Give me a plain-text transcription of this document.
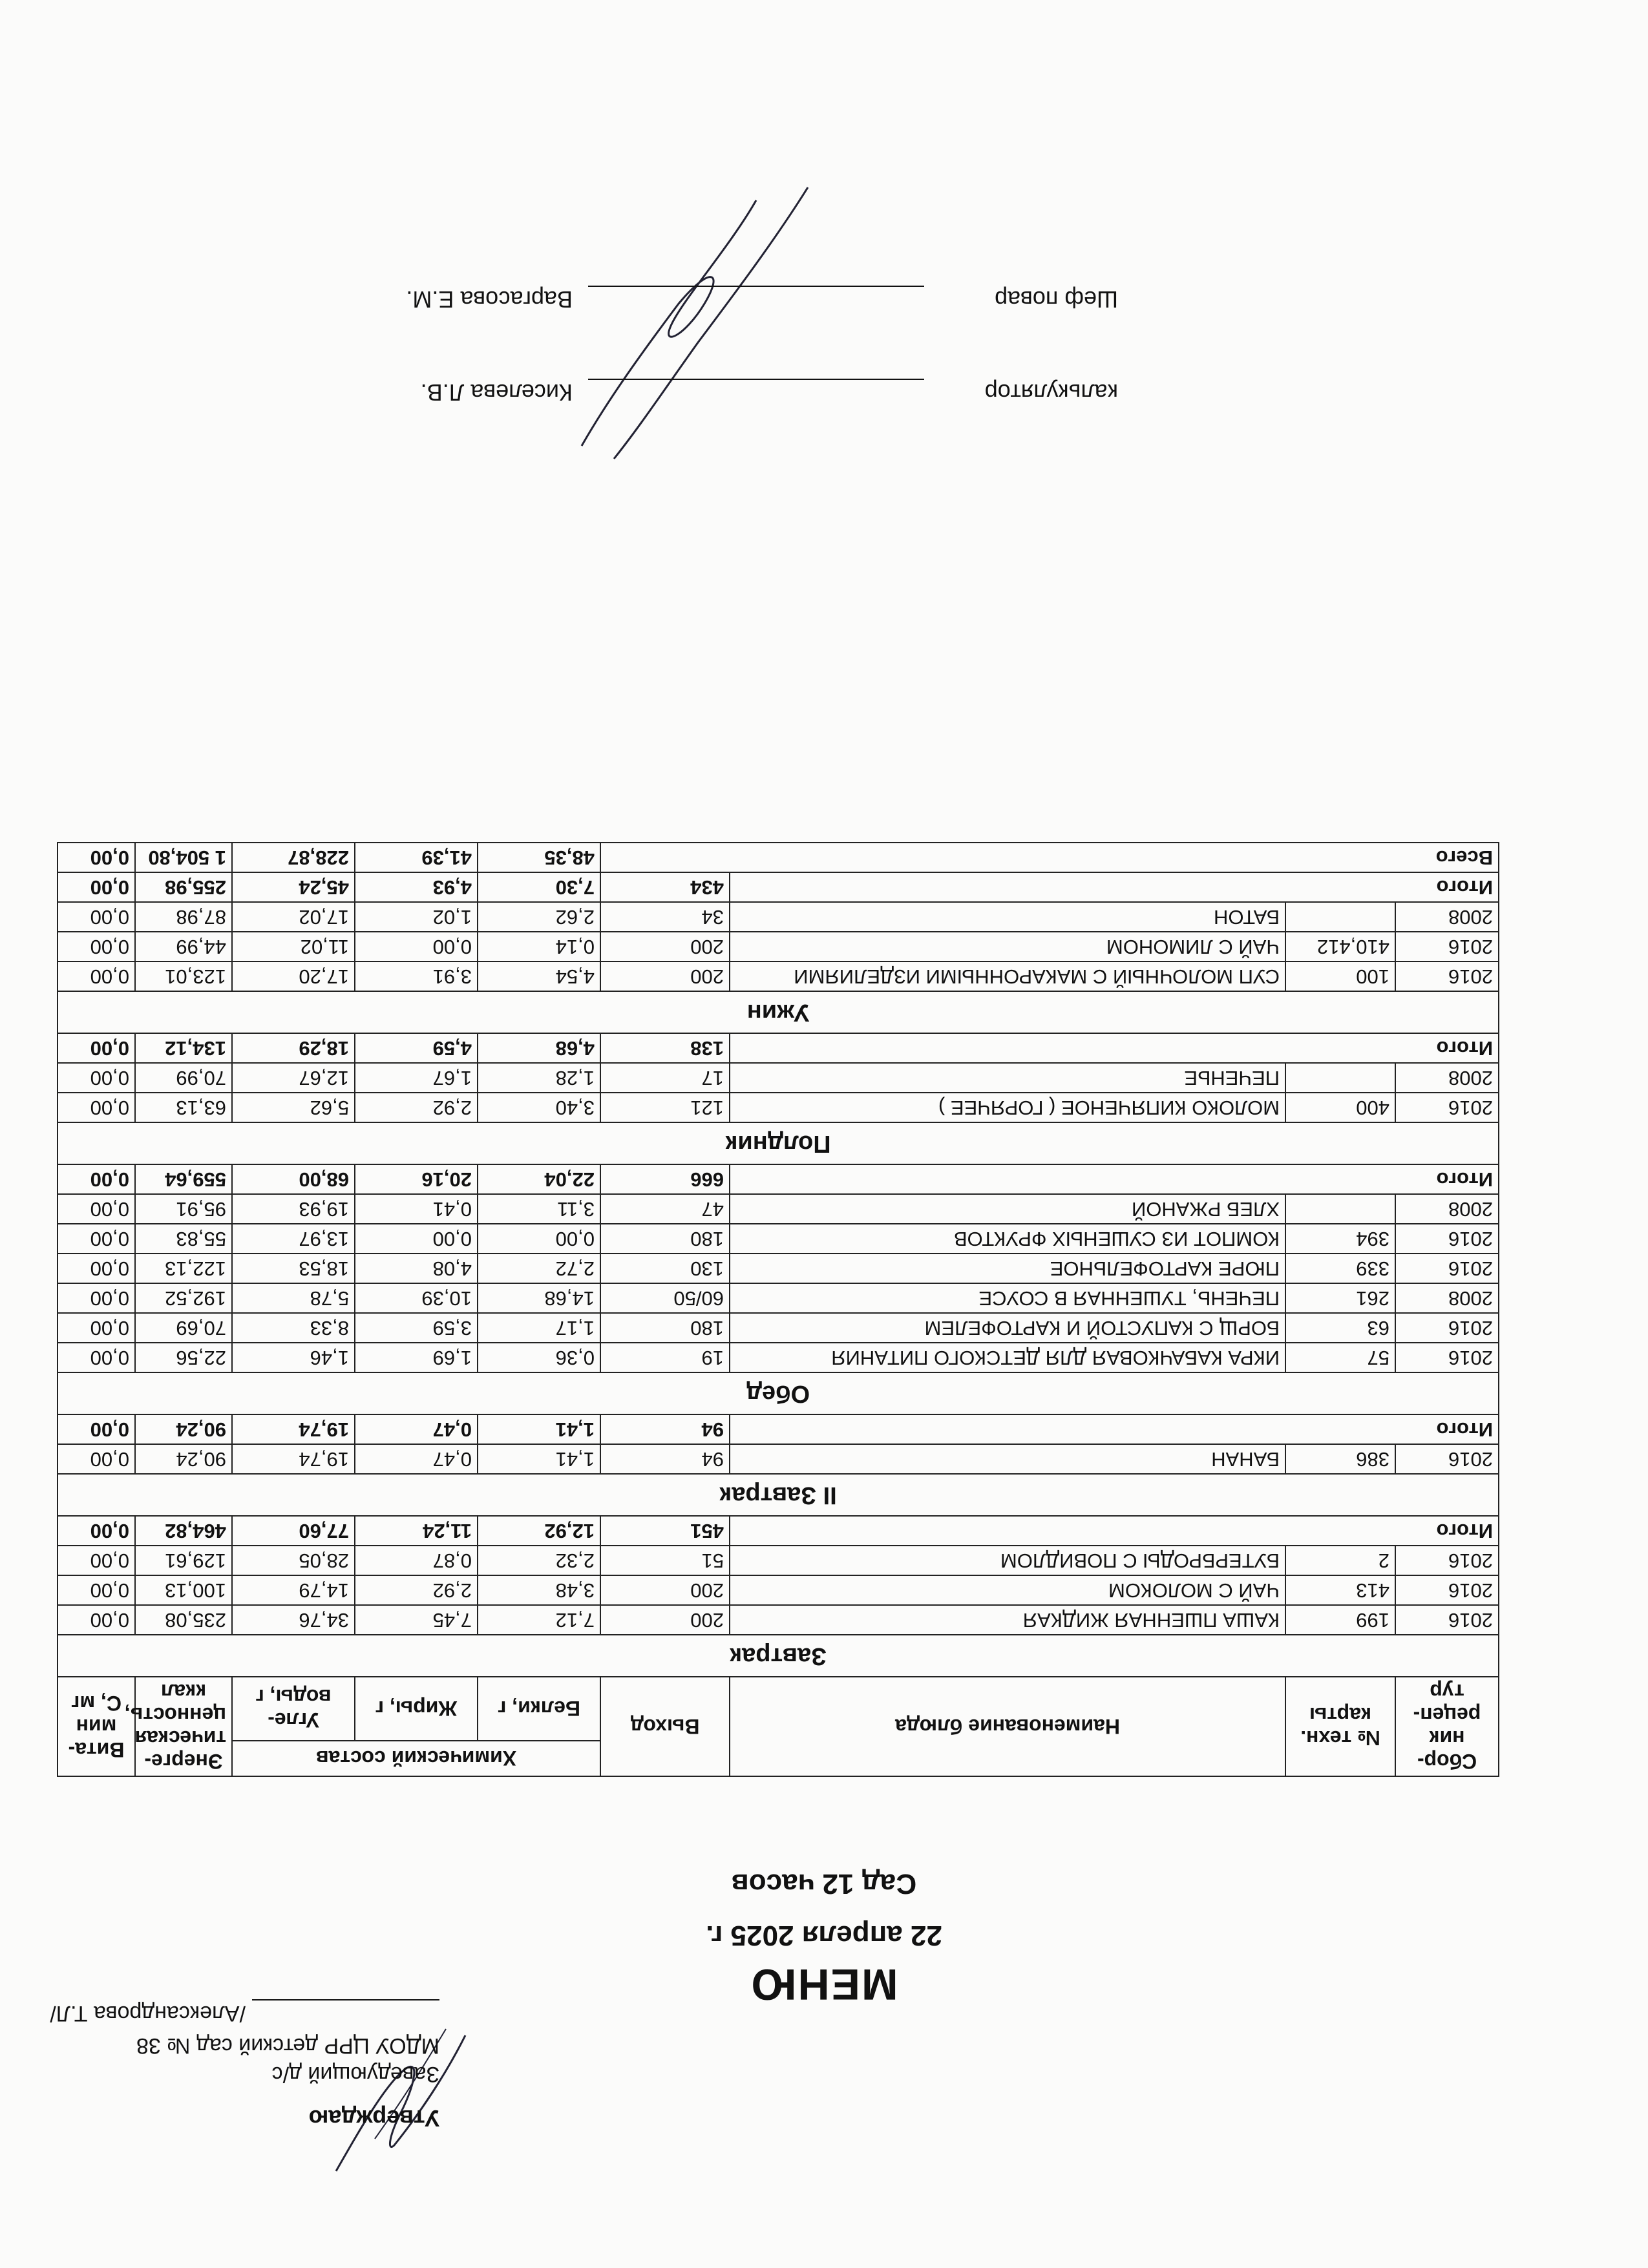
Утверждаю
Заведующий д/с
МДОУ ЦРР детский сад № 38
/Александрова Т.Л/
МЕНЮ
22 апреля 2025 г.
Сад 12 часов
Сбор-ник рецеп-тур	№ техн. карты	Наименование блюда	Выход	Химический состав			Энерге-тическая ценность, ккал	Вита-мин С, мг
				Белки, г	Жиры, г	Угле-воды, г		
Завтрак								
2016	199	КАША ПШЕННАЯ ЖИДКАЯ	200	7,12	7,45	34,76	235,08	0,00
2016	413	ЧАЙ С МОЛОКОМ	200	3,48	2,92	14,79	100,13	0,00
2016	2	БУТЕРБРОДЫ С ПОВИДЛОМ	51	2,32	0,87	28,05	129,61	0,00
Итого			451	12,92	11,24	77,60	464,82	0,00
II Завтрак								
2016	386	БАНАН	94	1,41	0,47	19,74	90,24	0,00
Итого			94	1,41	0,47	19,74	90,24	0,00
Обед								
2016	57	ИКРА КАБАЧКОВАЯ ДЛЯ ДЕТСКОГО ПИТАНИЯ	19	0,36	1,69	1,46	22,56	0,00
2016	63	БОРЩ С КАПУСТОЙ И КАРТОФЕЛЕМ	180	1,17	3,59	8,33	70,69	0,00
2008	261	ПЕЧЕНЬ, ТУШЕННАЯ В СОУСЕ	60/50	14,68	10,39	5,78	192,52	0,00
2016	339	ПЮРЕ КАРТОФЕЛЬНОЕ	130	2,72	4,08	18,53	122,13	0,00
2016	394	КОМПОТ ИЗ СУШЕНЫХ ФРУКТОВ	180	0,00	0,00	13,97	55,83	0,00
2008		ХЛЕБ РЖАНОЙ	47	3,11	0,41	19,93	95,91	0,00
Итого			666	22,04	20,16	68,00	559,64	0,00
Полдник								
2016	400	МОЛОКО КИПЯЧЕНОЕ ( ГОРЯЧЕЕ )	121	3,40	2,92	5,62	63,13	0,00
2008		ПЕЧЕНЬЕ	17	1,28	1,67	12,67	70,99	0,00
Итого			138	4,68	4,59	18,29	134,12	0,00
Ужин								
2016	100	СУП МОЛОЧНЫЙ С МАКАРОННЫМИ ИЗДЕЛИЯМИ	200	4,54	3,91	17,20	123,01	0,00
2016	410,412	ЧАЙ С ЛИМОНОМ	200	0,14	0,00	11,02	44,99	0,00
2008		БАТОН	34	2,62	1,02	17,02	87,98	0,00
Итого			434	7,30	4,93	45,24	255,98	0,00
Всего				48,35	41,39	228,87	1 504,80	0,00
калькулятор
Киселева Л.В.
Шеф повар
Варгасова Е.М.
